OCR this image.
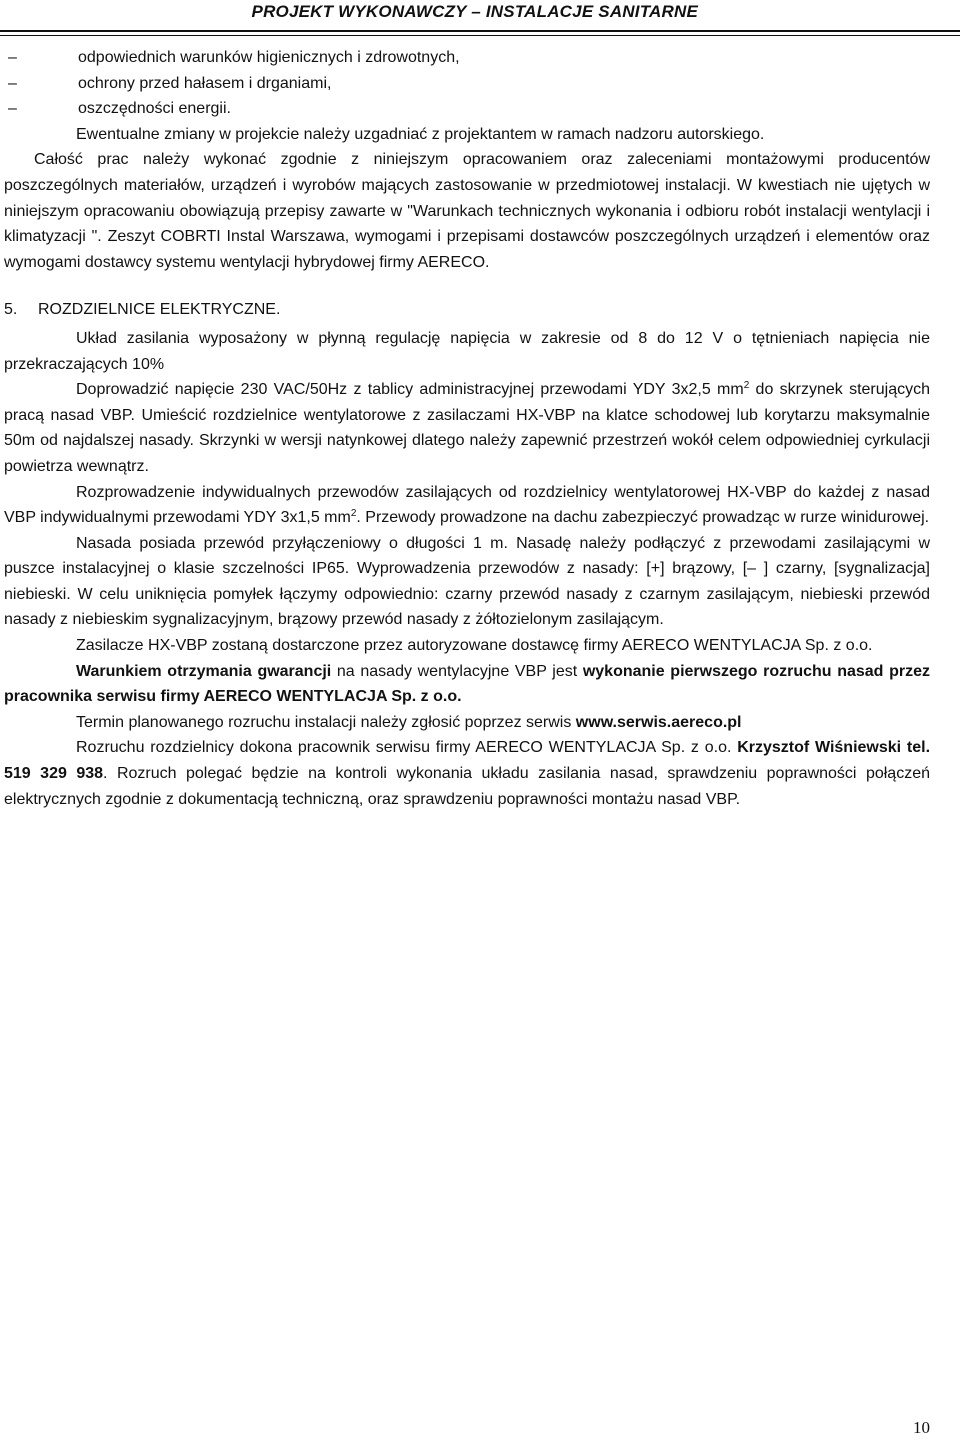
PROJEKT WYKONAWCZY – INSTALACJE SANITARNE
–	odpowiednich warunków higienicznych i zdrowotnych,
–	ochrony przed hałasem i drganiami,
–	oszczędności energii.

Ewentualne zmiany w projekcie należy uzgadniać z projektantem w ramach nadzoru autorskiego.

Całość prac należy wykonać zgodnie z niniejszym opracowaniem oraz zaleceniami montażowymi producentów poszczególnych materiałów, urządzeń i wyrobów mających zastosowanie w przedmiotowej instalacji. W kwestiach nie ujętych w niniejszym opracowaniu obowiązują przepisy zawarte w "Warunkach technicznych wykonania i odbioru robót instalacji wentylacji i klimatyzacji ". Zeszyt COBRTI Instal Warszawa, wymogami i przepisami dostawców poszczególnych urządzeń i elementów oraz wymogami dostawcy systemu wentylacji hybrydowej firmy AERECO.

5. ROZDZIELNICE ELEKTRYCZNE.

Układ zasilania wyposażony w płynną regulację napięcia w zakresie od 8 do 12 V o tętnieniach napięcia nie przekraczających 10%

Doprowadzić napięcie 230 VAC/50Hz z tablicy administracyjnej przewodami YDY 3x2,5 $mm^2$ do skrzynek sterujących pracą nasad VBP. Umieścić rozdzielnice wentylatorowe z zasilaczami HX-VBP na klatce schodowej lub korytarzu maksymalnie 50m od najdalszej nasady. Skrzynki w wersji natynkowej dlatego należy zapewnić przestrzeń wokół celem odpowiedniej cyrkulacji powietrza wewnątrz.

Rozprowadzenie indywidualnych przewodów zasilających od rozdzielnicy wentylatorowej HX-VBP do każdej z nasad VBP indywidualnymi przewodami YDY 3x1,5 $mm^2$. Przewody prowadzone na dachu zabezpieczyć prowadząc w rurze winidurowej.

Nasada posiada przewód przyłączeniowy o długości 1 m. Nasadę należy podłączyć z przewodami zasilającymi w puszce instalacyjnej o klasie szczelności IP65. Wyprowadzenia przewodów z nasady: [+] brązowy, [– ] czarny, [sygnalizacja] niebieski. W celu uniknięcia pomyłek łączymy odpowiednio: czarny przewód nasady z czarnym zasilającym, niebieski przewód nasady z niebieskim sygnalizacyjnym, brązowy przewód nasady z żółtozielonym zasilającym.

Zasilacze HX-VBP zostaną dostarczone przez autoryzowane dostawcę firmy AERECO WENTYLACJA Sp. z o.o.

Warunkiem otrzymania gwarancji na nasady wentylacyjne VBP jest wykonanie pierwszego rozruchu nasad przez pracownika serwisu firmy AERECO WENTYLACJA Sp. z o.o.

Termin planowanego rozruchu instalacji należy zgłosić poprzez serwis www.serwis.aereco.pl

Rozruchu rozdzielnicy dokona pracownik serwisu firmy AERECO WENTYLACJA Sp. z o.o. Krzysztof Wiśniewski tel. 519 329 938. Rozruch polegać będzie na kontroli wykonania układu zasilania nasad, sprawdzeniu poprawności połączeń elektrycznych zgodnie z dokumentacją techniczną, oraz sprawdzeniu poprawności montażu nasad VBP.

10
